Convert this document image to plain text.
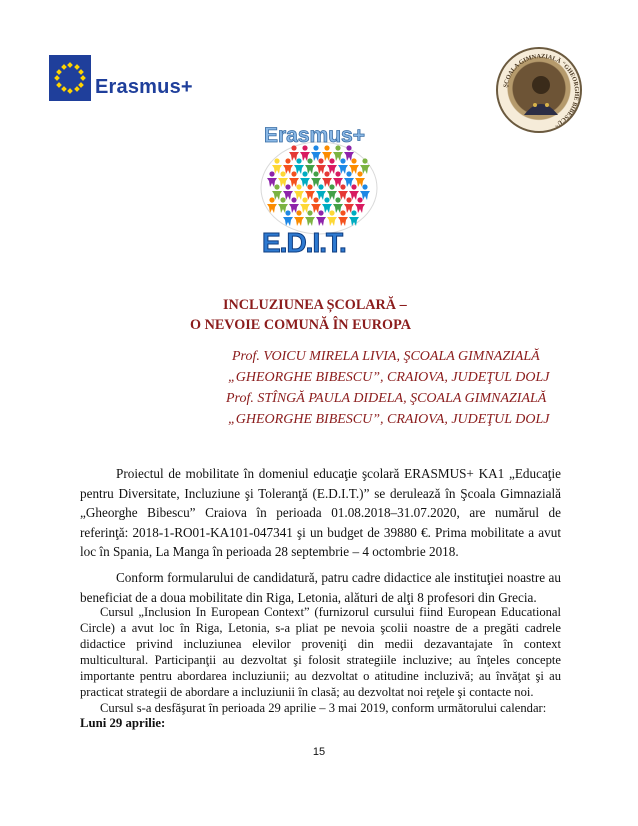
Erasmus+	ŞCOALA GIMNAZIALĂ "GHEORGHE BIBESCU"
Erasmus+
E.D.I.T.
INCLUZIUNEA ȘCOLARĂ –
O NEVOIE COMUNĂ ÎN EUROPA
Prof. VOICU MIRELA LIVIA, ŞCOALA GIMNAZIALĂ
„GHEORGHE BIBESCU”, CRAIOVA, JUDEŢUL DOLJ
Prof. STÎNGĂ PAULA DIDELA, ŞCOALA GIMNAZIALĂ
„GHEORGHE BIBESCU”, CRAIOVA, JUDEŢUL DOLJ
Proiectul de mobilitate în domeniul educaţie şcolară ERASMUS+ KA1 „Educaţie pentru Diversitate, Incluziune şi Toleranţă (E.D.I.T.)” se derulează în Şcoala Gimnazială „Gheorghe Bibescu” Craiova în perioada 01.08.2018–31.07.2020, are numărul de referinţă: 2018-1-RO01-KA101-047341 şi un budget de 39880 €. Prima mobilitate a avut loc în Spania, La Manga în perioada 28 septembrie – 4 octombrie 2018.
Conform formularului de candidatură, patru cadre didactice ale instituţiei noastre au beneficiat de a doua mobilitate din Riga, Letonia, alături de alţi 8 profesori din Grecia.
Cursul „Inclusion In European Context” (furnizorul cursului fiind European Educational Circle) a avut loc în Riga, Letonia, s-a pliat pe nevoia şcolii noastre de a pregăti cadrele didactice privind incluziunea elevilor proveniţi din medii dezavantajate în context multicultural. Participanţii au dezvoltat şi folosit strategiile incluzive; au înţeles concepte importante pentru abordarea incluziunii; au dezvoltat o atitudine incluzivă; au învăţat şi au practicat strategii de abordare a incluziunii în clasă; au dezvoltat noi reţele şi contacte noi.
Cursul s-a desfăşurat în perioada 29 aprilie – 3 mai 2019, conform următorului calendar:
Luni 29 aprilie:
15
